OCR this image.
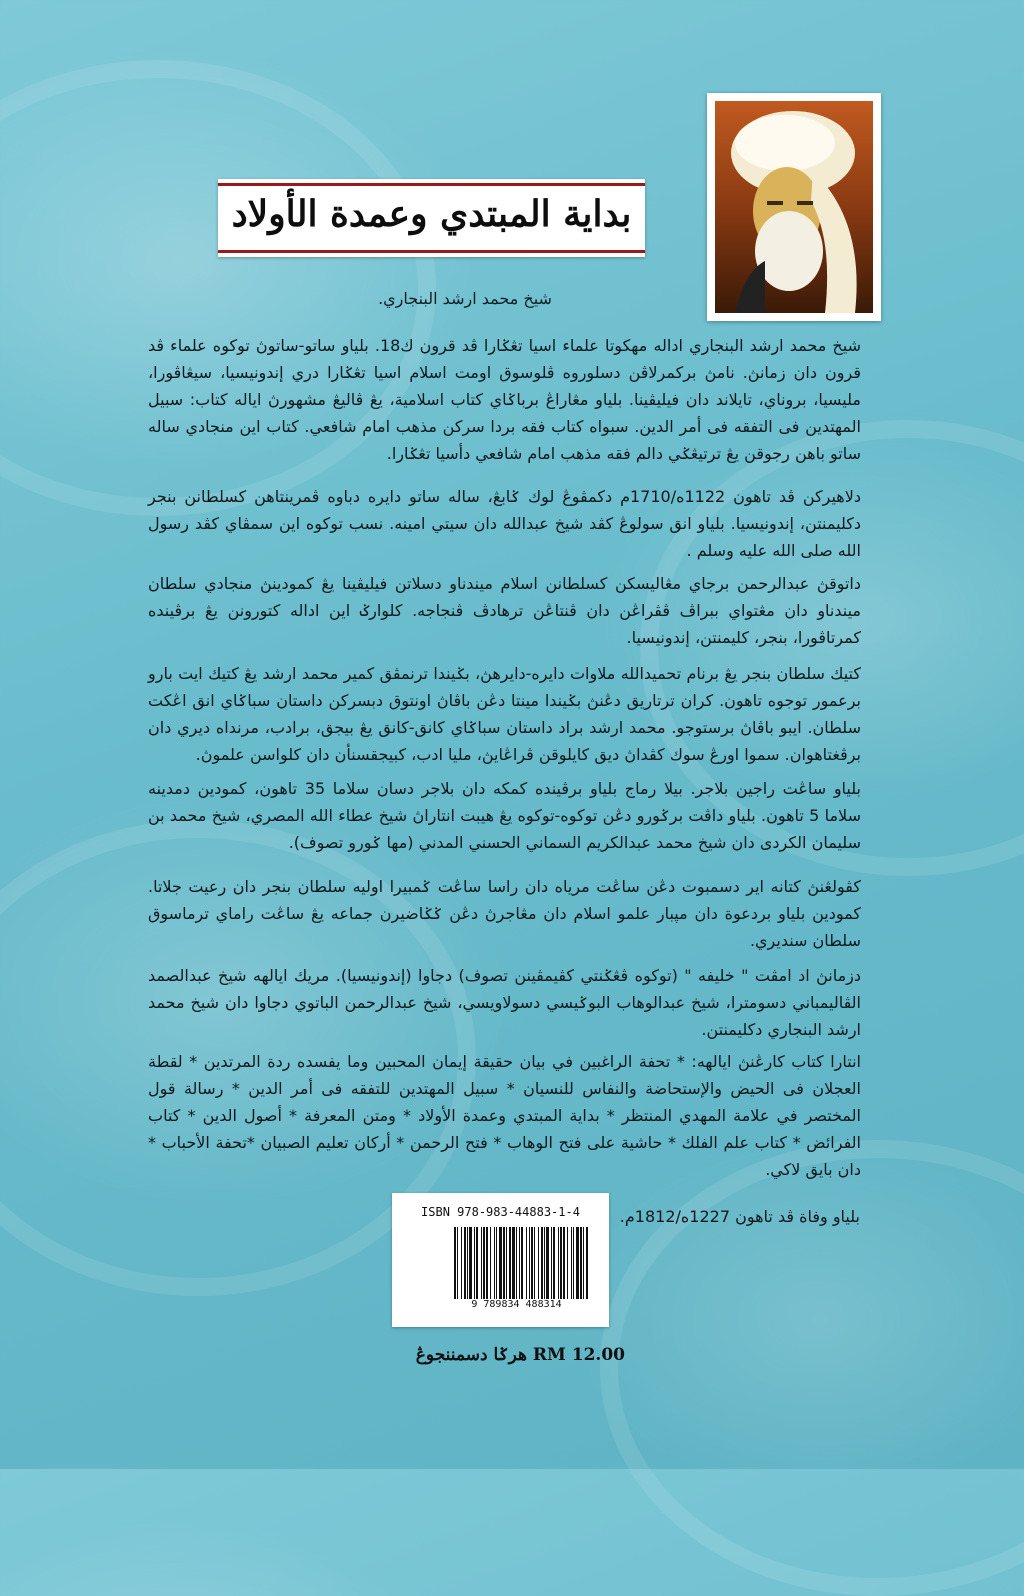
بداية المبتدي وعمدة الأولاد
شيخ محمد ارشد البنجاري.
شيخ محمد ارشد البنجاري اداله مهكوتا علماء اسيا تڠݢارا ڤد قرون ك18. بلياو ساتو-ساتوڽ توكوه علماء ڤد قرون دان زمانڽ. نامڽ بركمرلاڤن دسلوروه ڤلوسوق اومت اسلام اسيا تڠݢارا دري إندونيسيا، سيڠاڤورا، مليسيا، بروناي، تايلاند دان فيليڤينا. بلياو مڠاراڠ برباݢاي كتاب اسلامية، يڠ ڤاليڠ مشهورڽ اياله كتاب: سبيل المهتدين فى التفقه فى أمر الدين. سبواه كتاب فقه بردا سركن مذهب امام شافعي. كتاب اين منجادي ساله ساتو باهن رجوقن يڠ ترتيڠݢي دالم فقه مذهب امام شافعي دأسيا تڠݢارا.
دلاهيركن ڤد تاهون 1122ه/1710م دكمڤوڠ لوك ݢابڠ، ساله ساتو دايره دباوه ڤمرينتاهن كسلطانن بنجر دكليمنتن، إندونيسيا. بلياو انق سولوڠ كڤد شيخ عبدالله دان سيتي امينه. نسب توكوه اين سمڤاي كڤد رسول الله صلى الله عليه وسلم .
داتوقڽ عبدالرحمن برجاي مڠاليسكن كسلطانن اسلام ميندناو دسلاتن فيليڤينا يڠ كمودينڽ منجادي سلطان ميندناو دان مڠتواي ببراڤ ڤڤراڠن دان ڤنتاڠن ترهادڤ ڤنجاجه. كلوارݢ اين اداله كتورونن يڠ برڤينده كمرتاڤورا، بنجر، كليمنتن، إندونيسيا.
كتيك سلطان بنجر يڠ برنام تحميدالله ملاوات دايره-دايرهڽ، بݢيندا ترنمڤق كمير محمد ارشد يڠ كتيك ايت بارو برعمور توجوه تاهون. كران ترتاريق دڠنڽ بݢيندا مينتا دڠن باڤاڽ اونتوق دبسركن داستان سباݢاي انق اڠكت سلطان. ايبو باڤاڽ برستوجو. محمد ارشد براد داستان سباݢاي كانق-كانق يڠ بيجق، برادب، مرنداه ديري دان برڤغتاهوان. سموا اورڠ سوك كڤداڽ ديق كايلوقن ڤراڠايڽ، مليا ادب، كبيجقسنأن دان كلواسن علموڽ.
بلياو ساڠت راجين بلاجر. بيلا رماج بلياو برڤينده كمكه دان بلاجر دسان سلاما 35 تاهون، كمودين دمدينه سلاما 5 تاهون. بلياو داڤت برݢورو دڠن توكوه-توكوه يڠ هيبت انتاراڽ شيخ عطاء الله المصري، شيخ محمد بن سليمان الكردى دان شيخ محمد عبدالكريم السماني الحسني المدني (مها ݢورو تصوف).
كڤولڠنڽ كتانه اير دسمبوت دڠن ساڠت مرياه دان راسا ساڠت ݢمبيرا اوليه سلطان بنجر دان رعيت جلاتا. كمودين بلياو بردعوة دان مپبار علمو اسلام دان مڠاجرڽ دڠن ݢݢاضيرن جماعه يڠ ساڠت راماي ترماسوق سلطان سنديري.
دزمانڽ اد امڤت " خليفه " (توكوه ڤڠݢنتي كڤيمڤينن تصوف) دجاوا (إندونيسيا). مريك ايالهه شيخ عبدالصمد الڤاليمباني دسومترا، شيخ عبدالوهاب البوݢيسي دسولاويسي، شيخ عبدالرحمن الباتوي دجاوا دان شيخ محمد ارشد البنجاري دكليمنتن.
انتارا كتاب كارڠنڽ ايالهه: * تحفة الراغبين في بيان حقيقة إيمان المحبين وما يفسده ردة المرتدين * لقطة العجلان فى الحيض والإستحاضة والنفاس للنسيان * سبيل المهتدين للتفقه فى أمر الدين * رسالة قول المختصر في علامة المهدي المنتظر * بداية المبتدي وعمدة الأولاد * ومتن المعرفة * أصول الدين * كتاب الفرائض * كتاب علم الفلك * حاشية على فتح الوهاب * فتح الرحمن * أركان تعليم الصبيان *تحفة الأحباب * دان بايق لاكي.
بلياو وفاة ڤد تاهون 1227ه/1812م.
ISBN 978-983-44883-1-4
9 789834 488314
RM 12.00 هرݢا دسمننجوڠ
